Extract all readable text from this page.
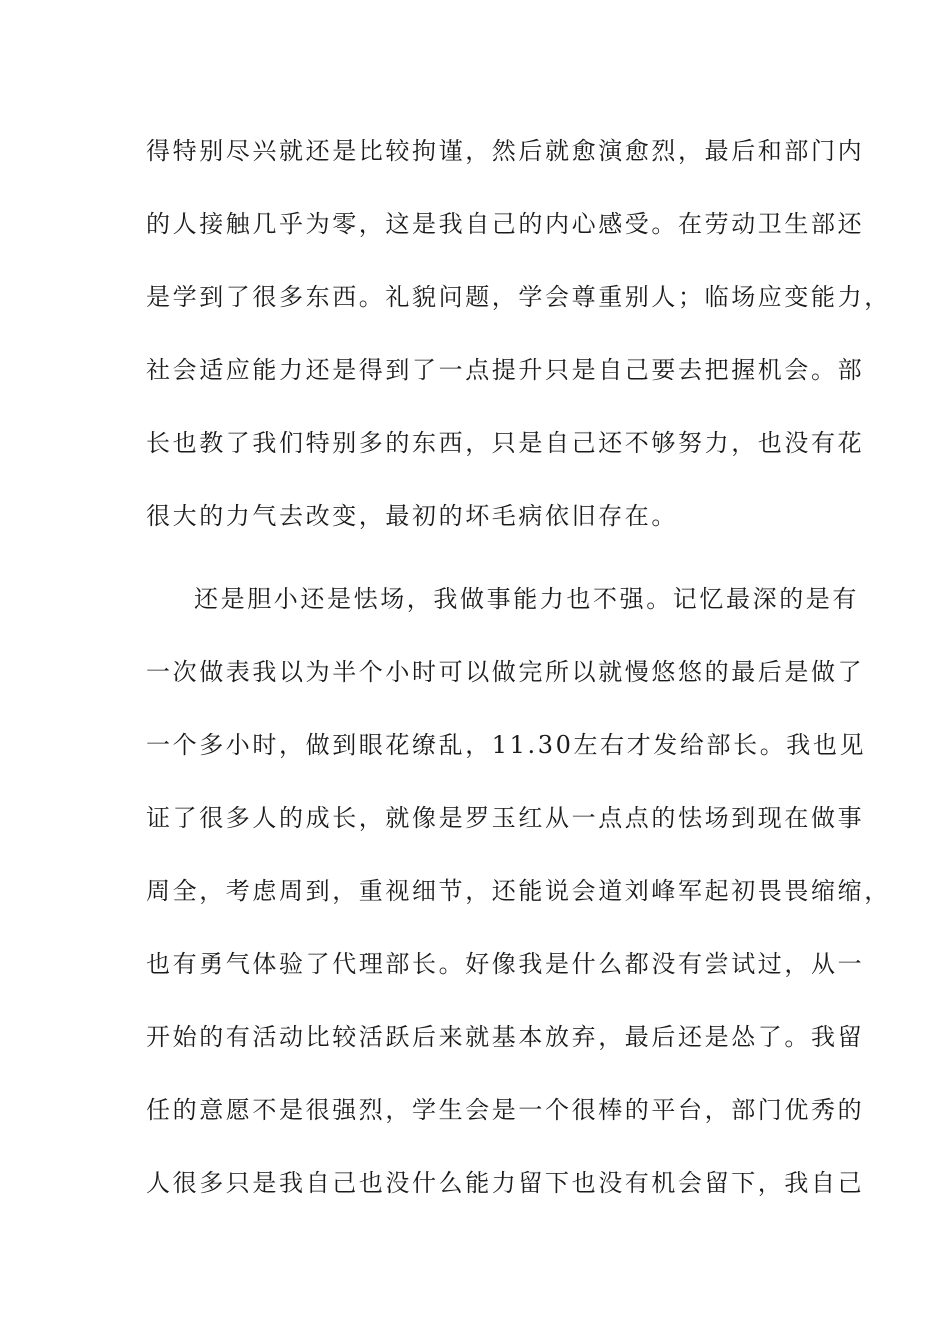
得特别尽兴就还是比较拘谨，然后就愈演愈烈，最后和部门内
的人接触几乎为零，这是我自己的内心感受。在劳动卫生部还
是学到了很多东西。礼貌问题，学会尊重别人；临场应变能力，
社会适应能力还是得到了一点提升只是自己要去把握机会。部
长也教了我们特别多的东西，只是自己还不够努力，也没有花
很大的力气去改变，最初的坏毛病依旧存在。
还是胆小还是怯场，我做事能力也不强。记忆最深的是有
一次做表我以为半个小时可以做完所以就慢悠悠的最后是做了
一个多小时，做到眼花缭乱，11.30左右才发给部长。我也见
证了很多人的成长，就像是罗玉红从一点点的怯场到现在做事
周全，考虑周到，重视细节，还能说会道刘峰军起初畏畏缩缩，
也有勇气体验了代理部长。好像我是什么都没有尝试过，从一
开始的有活动比较活跃后来就基本放弃，最后还是怂了。我留
任的意愿不是很强烈，学生会是一个很棒的平台，部门优秀的
人很多只是我自己也没什么能力留下也没有机会留下，我自己
